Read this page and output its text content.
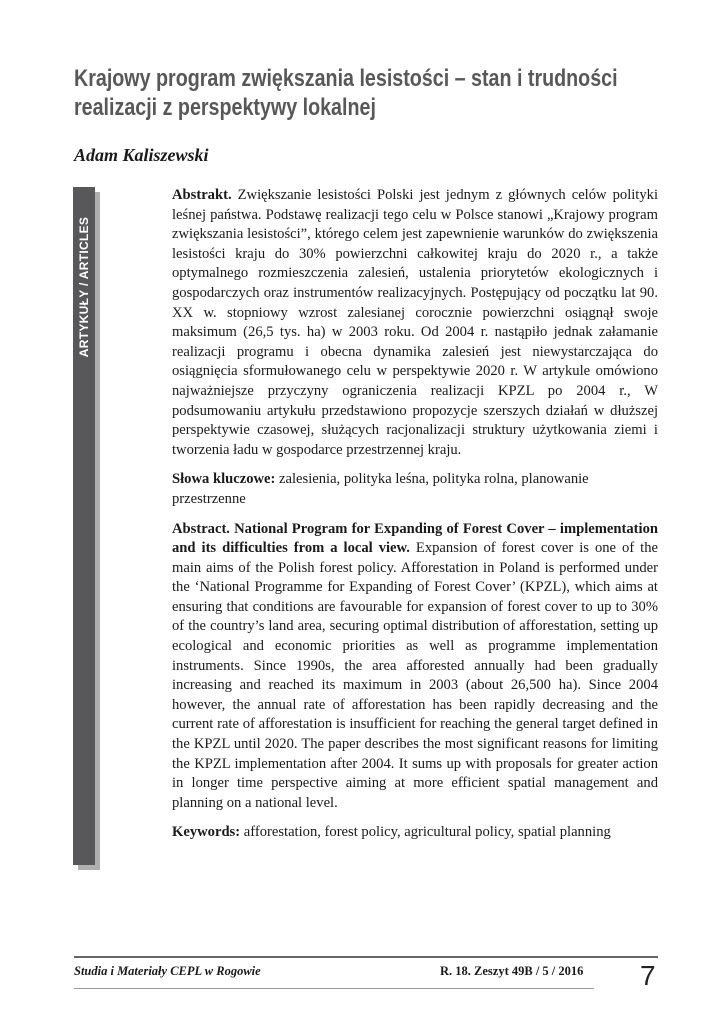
Krajowy program zwiększania lesistości – stan i trudności realizacji z perspektywy lokalnej
Adam Kaliszewski
ARTYKUŁY / ARTICLES

Abstrakt. Zwiększanie lesistości Polski jest jednym z głównych celów polityki leśnej państwa. Podstawę realizacji tego celu w Polsce stanowi „Krajowy program zwiększania lesistości”, którego celem jest zapewnienie warunków do zwiększenia lesistości kraju do 30% powierzchni całkowitej kraju do 2020 r., a także optymalnego rozmieszczenia zalesień, ustalenia priorytetów ekologicznych i gospodarczych oraz instrumentów realizacyjnych. Postępujący od początku lat 90. XX w. stopniowy wzrost zalesianej corocznie powierzchni osiągnął swoje maksimum (26,5 tys. ha) w 2003 roku. Od 2004 r. nastąpiło jednak załamanie realizacji programu i obecna dynamika zalesień jest niewystarczająca do osiągnięcia sformułowanego celu w perspektywie 2020 r. W artykule omówiono najważniejsze przyczyny ograniczenia realizacji KPZL po 2004 r., W podsumowaniu artykułu przedstawiono propozycje szerszych działań w dłuższej perspektywie czasowej, służących racjonalizacji struktury użytkowania ziemi i tworzenia ładu w gospodarce przestrzennej kraju.

Słowa kluczowe: zalesienia, polityka leśna, polityka rolna, planowanie przestrzenne

Abstract. National Program for Expanding of Forest Cover – implementation and its difficulties from a local view. Expansion of forest cover is one of the main aims of the Polish forest policy. Afforestation in Poland is performed under the ‘National Programme for Expanding of Forest Cover’ (KPZL), which aims at ensuring that conditions are favourable for expansion of forest cover to up to 30% of the country’s land area, securing optimal distribution of afforestation, setting up ecological and economic priorities as well as programme implementation instruments. Since 1990s, the area afforested annually had been gradually increasing and reached its maximum in 2003 (about 26,500 ha). Since 2004 however, the annual rate of afforestation has been rapidly decreasing and the current rate of afforestation is insufficient for reaching the general target defined in the KPZL until 2020. The paper describes the most significant reasons for limiting the KPZL implementation after 2004. It sums up with proposals for greater action in longer time perspective aiming at more efficient spatial management and planning on a national level.

Keywords: afforestation, forest policy, agricultural policy, spatial planning

Studia i Materiały CEPL w Rogowie	R. 18. Zeszyt 49B / 5 / 2016 7
